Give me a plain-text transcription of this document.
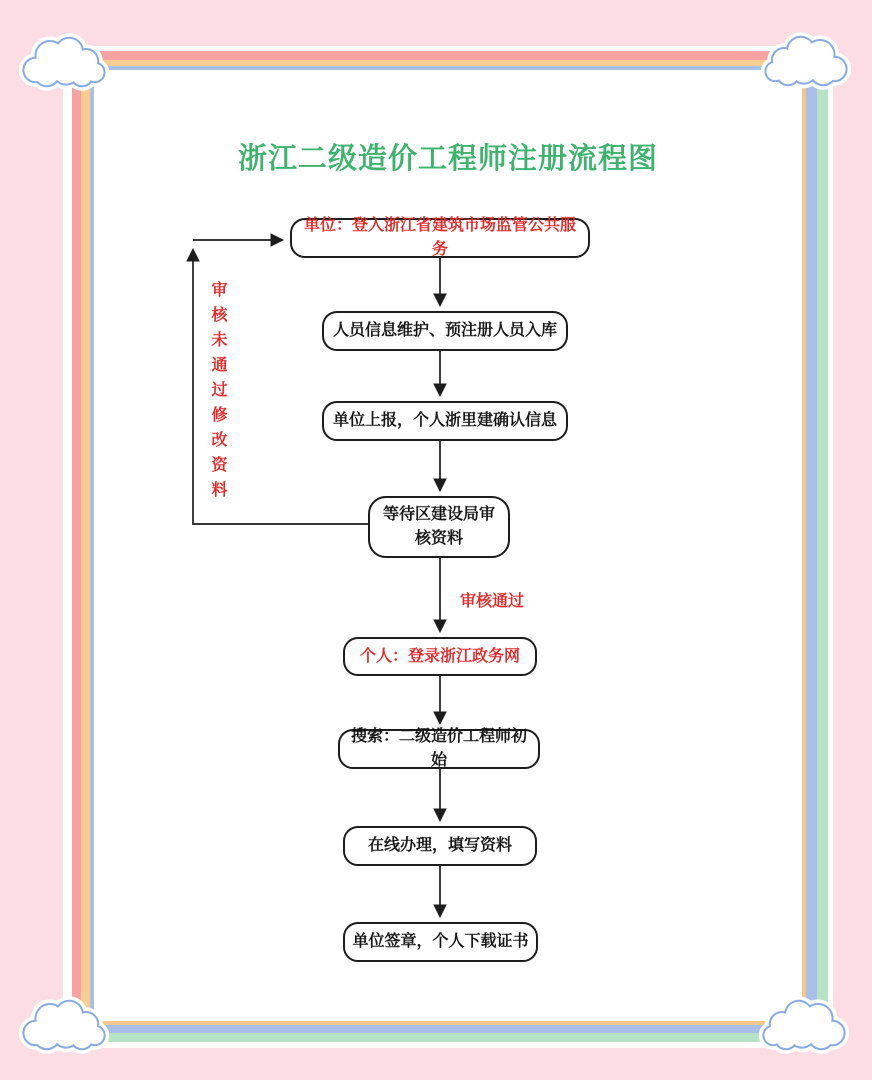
浙江二级造价工程师注册流程图
单位：登入浙江省建筑市场监管公共服务
人员信息维护、预注册人员入库
单位上报，个人浙里建确认信息
等待区建设局审核资料
个人：登录浙江政务网
搜索：二级造价工程师初始
在线办理，填写资料
单位签章，个人下载证书
审核通过
审核未通过修改资料
